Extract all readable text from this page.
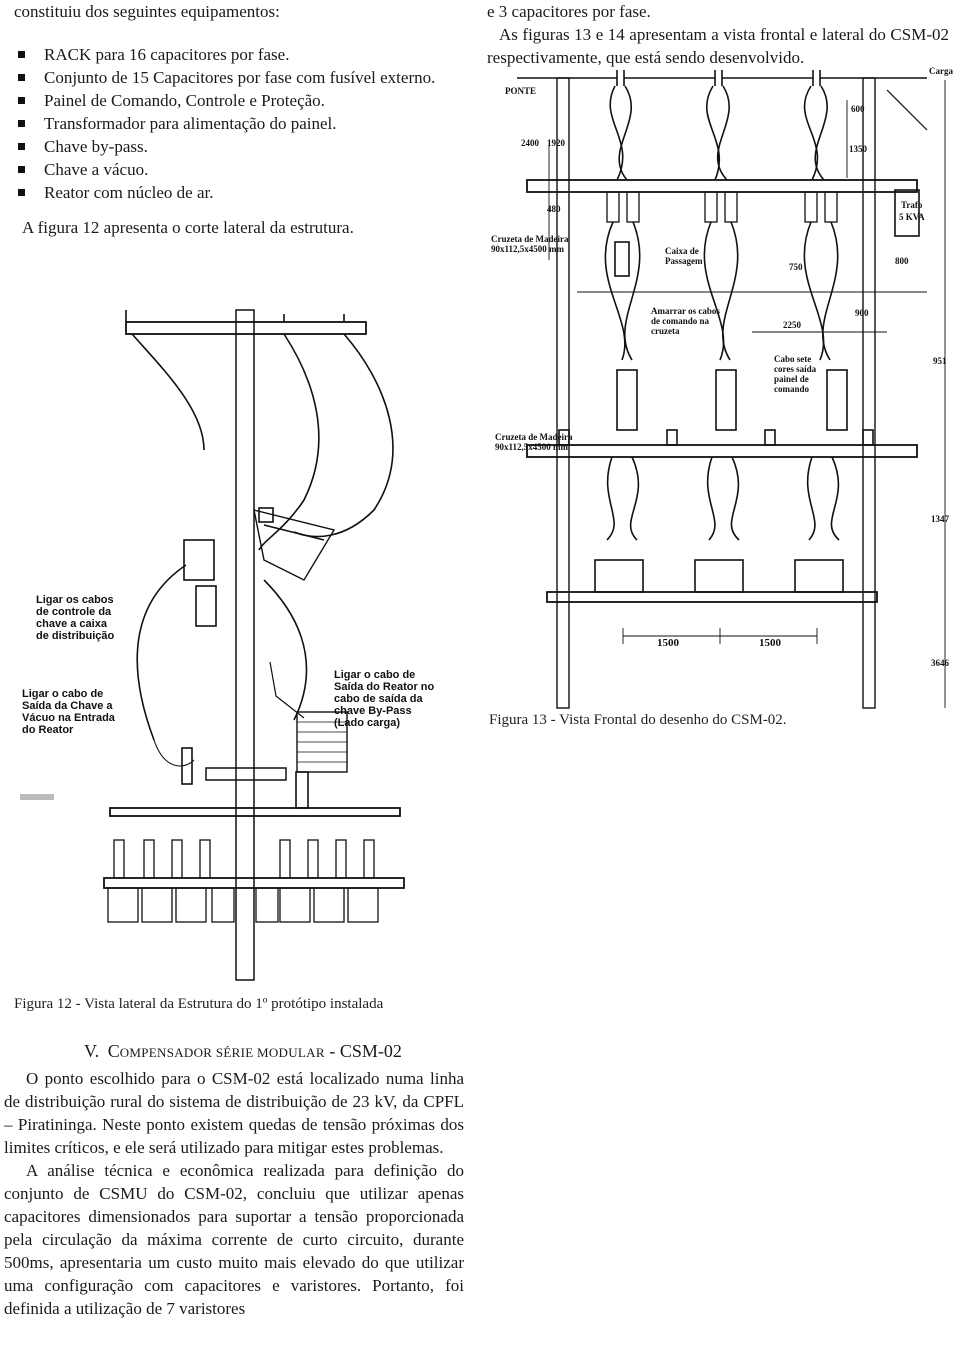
constituiu dos seguintes equipamentos:
RACK para 16 capacitores por fase.
Conjunto de 15 Capacitores por fase com fusível externo.
Painel de Comando, Controle e Proteção.
Transformador para alimentação do painel.
Chave by-pass.
Chave a vácuo.
Reator com núcleo de ar.
A figura 12 apresenta o corte lateral da estrutura.
e 3 capacitores por fase.
As figuras 13 e 14 apresentam a vista frontal e lateral do CSM-02 respectivamente, que está sendo desenvolvido.
PONTE
Carga
Trafo
5 KVA
Cruzeta de Madeira
90x112,5x4500 mm	Caixa de
Passagem
Amarrar os cabos
de comando na
cruzeta
Cabo sete
cores saída
painel de
comando
Cruzeta de Madeira
90x112,5x4500 mm
2400 1920
480
600
1350
750
800
900
2250
951
1347
1500	1500
3646
Figura 13 - Vista Frontal do desenho do CSM-02.
Ligar os cabos
de controle da
chave a caixa
de distribuição
Ligar o cabo de
Saída do Reator no
cabo de saída da
chave By-Pass
(Lado carga)
Ligar o cabo de
Saída da Chave a
Vácuo na Entrada
do Reator
Figura 12 - Vista lateral da Estrutura do 1º protótipo instalada
V. COMPENSADOR SÉRIE MODULAR - CSM-02

O ponto escolhido para o CSM-02 está localizado numa linha de distribuição rural do sistema de distribuição de 23 kV, da CPFL – Piratininga. Neste ponto existem quedas de tensão próximas dos limites críticos, e ele será utilizado para mitigar estes problemas.

A análise técnica e econômica realizada para definição do conjunto de CSMU do CSM-02, concluiu que utilizar apenas capacitores dimensionados para suportar a tensão proporcionada pela circulação da máxima corrente de curto circuito, durante 500ms, apresentaria um custo muito mais elevado do que utilizar uma configuração com capacitores e varistores. Portanto, foi definida a utilização de 7 varistores
